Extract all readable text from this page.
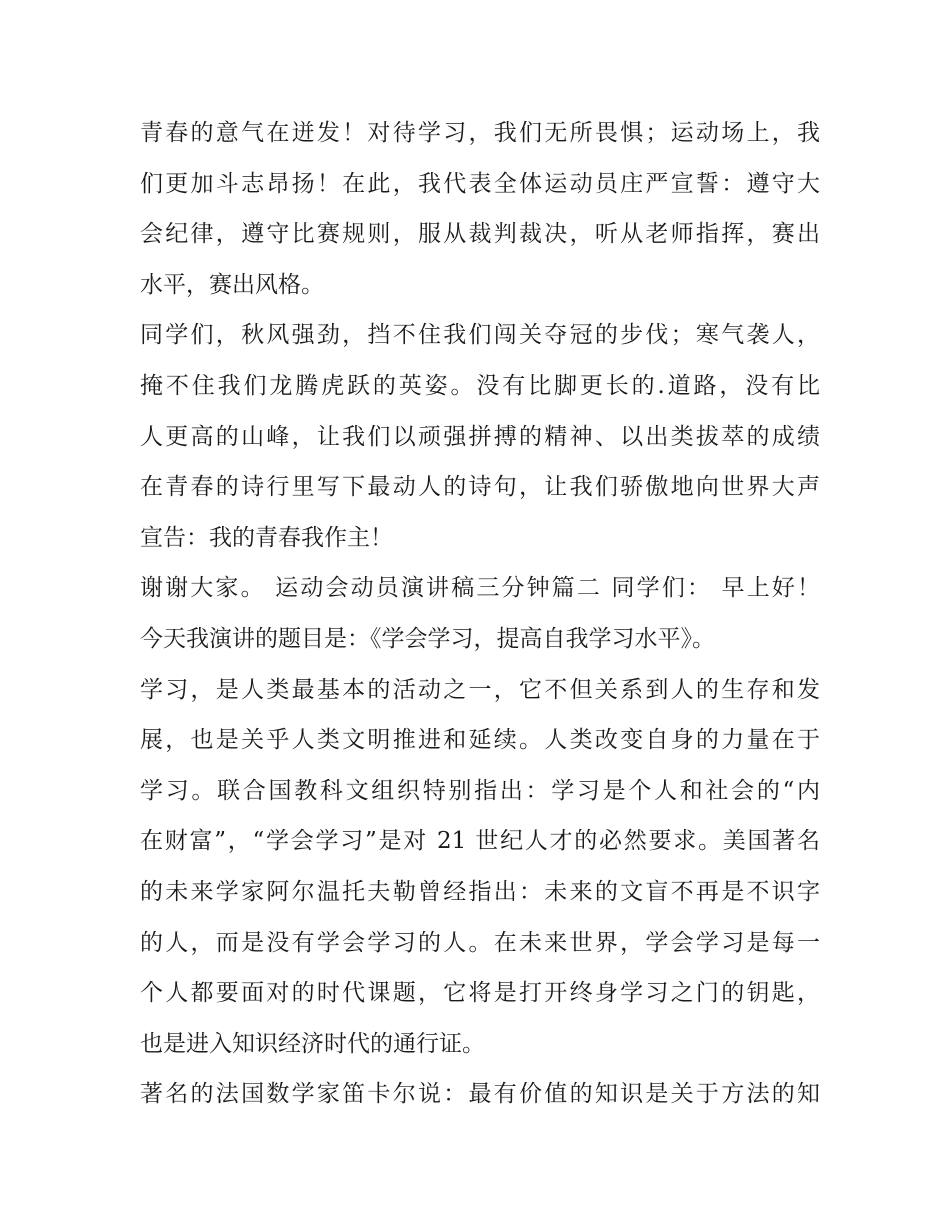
青春的意气在迸发！对待学习，我们无所畏惧；运动场上，我
们更加斗志昂扬！在此，我代表全体运动员庄严宣誓：遵守大
会纪律，遵守比赛规则，服从裁判裁决，听从老师指挥，赛出
水平，赛出风格。
同学们，秋风强劲，挡不住我们闯关夺冠的步伐；寒气袭人，
掩不住我们龙腾虎跃的英姿。没有比脚更长的.道路，没有比
人更高的山峰，让我们以顽强拼搏的精神、以出类拔萃的成绩
在青春的诗行里写下最动人的诗句，让我们骄傲地向世界大声
宣告：我的青春我作主！
谢谢大家。 运动会动员演讲稿三分钟篇二 同学们： 早上好！
今天我演讲的题目是：《学会学习，提高自我学习水平》。
学习，是人类最基本的活动之一，它不但关系到人的生存和发
展，也是关乎人类文明推进和延续。人类改变自身的力量在于
学习。联合国教科文组织特别指出：学习是个人和社会的“内
在财富”，“学会学习”是对 21 世纪人才的必然要求。美国著名
的未来学家阿尔温托夫勒曾经指出：未来的文盲不再是不识字
的人，而是没有学会学习的人。在未来世界，学会学习是每一
个人都要面对的时代课题，它将是打开终身学习之门的钥匙，
也是进入知识经济时代的通行证。
著名的法国数学家笛卡尔说：最有价值的知识是关于方法的知
